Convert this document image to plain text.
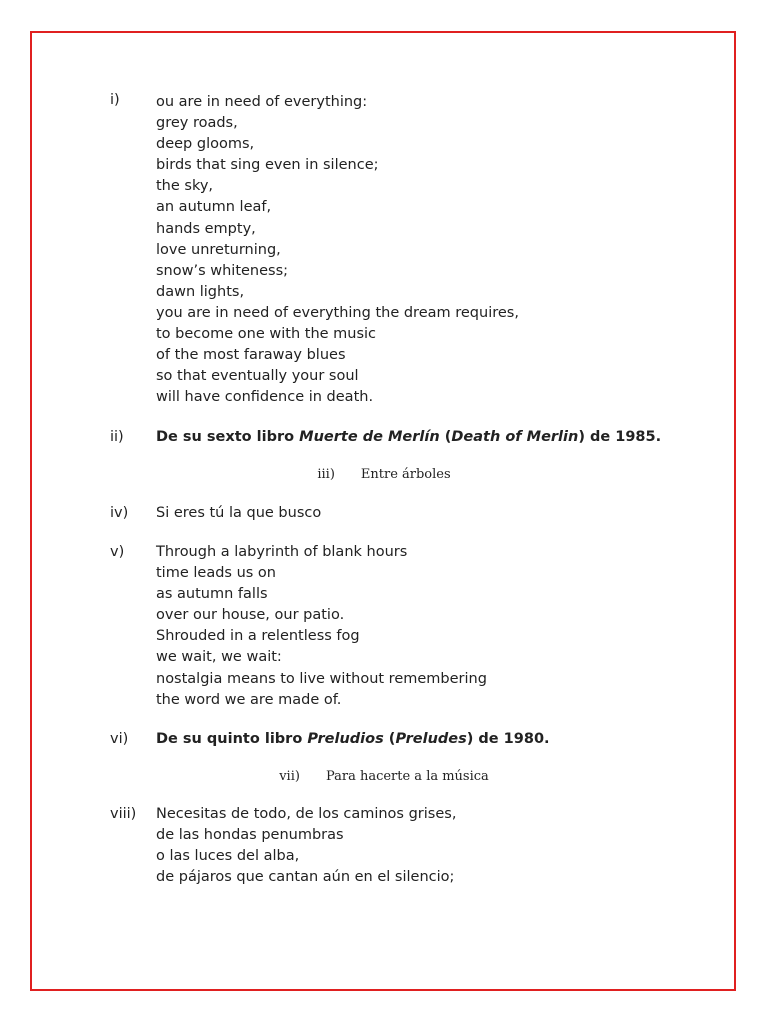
i)	ou are in need of everything:
grey roads,
deep glooms,
birds that sing even in silence;
the sky,
an autumn leaf,
hands empty,
love unreturning,
snow’s whiteness;
dawn lights,
you are in need of everything the dream requires,
to become one with the music
of the most faraway blues
so that eventually your soul
will have confidence in death.
ii)	De su sexto libro Muerte de Merlín (Death of Merlin) de 1985.
iii) Entre árboles
iv)	Si eres tú la que busco
v)	Through a labyrinth of blank hours
time leads us on
as autumn falls
over our house, our patio.
Shrouded in a relentless fog
we wait, we wait:
nostalgia means to live without remembering
the word we are made of.
vi)	De su quinto libro Preludios (Preludes) de 1980.
vii) Para hacerte a la música
viii)	Necesitas de todo, de los caminos grises,
de las hondas penumbras
o las luces del alba,
de pájaros que cantan aún en el silencio;
